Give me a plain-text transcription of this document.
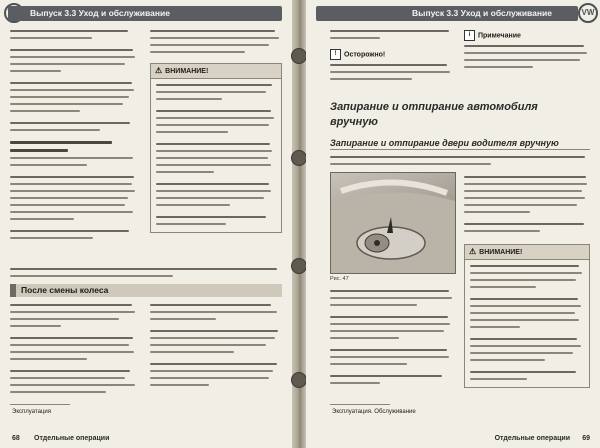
Выпуск 3.3 Уход и обслуживание
⚠ ВНИМАНИЕ!
После смены колеса
Эксплуатация
68 Отдельные операции
Выпуск 3.3 Уход и обслуживание	VW
! Осторожно!
i Примечание
Запирание и отпирание автомобиля
вручную
Запирание и отпирание двери водителя вручную
Рис. 47
⚠ ВНИМАНИЕ!
Эксплуатация. Обслуживание
Отдельные операции 69
